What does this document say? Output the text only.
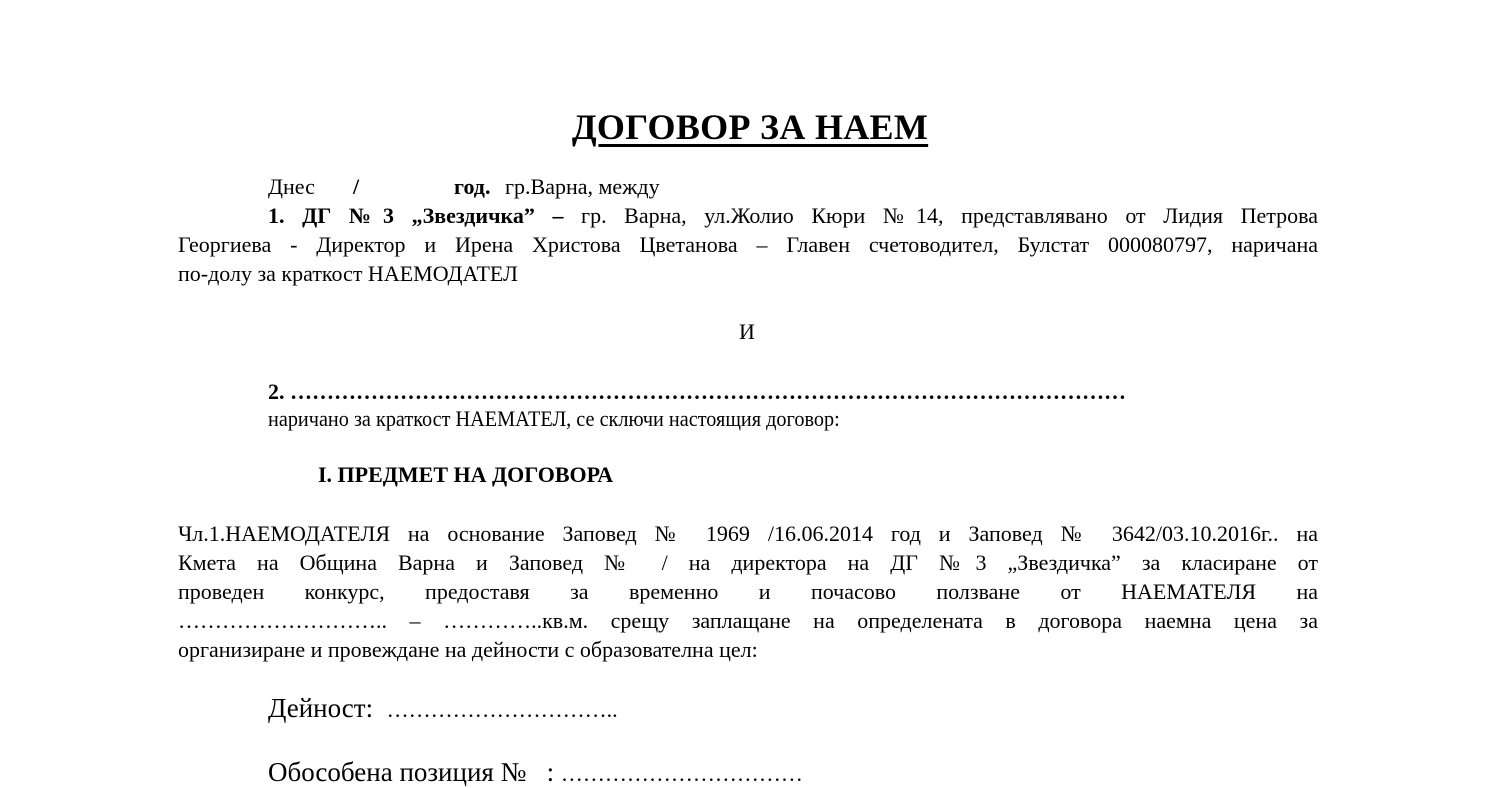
ДОГОВОР ЗА НАЕМ
Днес /	год. гр.Варна, между
1. ДГ №3 „Звездичка” – гр. Варна, ул.Жолио Кюри №14, представлявано от Лидия Петрова
Георгиева - Директор и Ирена Христова Цветанова – Главен счетоводител, Булстат 000080797, наричана
по-долу за краткост НАЕМОДАТЕЛ
И
2. ……………………………………………………………………………………………………
наричано за краткост НАЕМАТЕЛ, се сключи настоящия договор:
I. ПРЕДМЕТ НА ДОГОВОРА
Чл.1.НАЕМОДАТЕЛЯ на основание Заповед № 1969 /16.06.2014 год и Заповед № 3642/03.10.2016г.. на
Кмета на Община Варна и Заповед № / на директора на ДГ №3 „Звездичка” за класиране от
проведен конкурс, предоставя за временно и почасово ползване от НАЕМАТЕЛЯ на
……………………….. – …………..кв.м. срещу заплащане на определената в договора наемна цена за
организиране и провеждане на дейности с образователна цел:
Дейност: …………………………..
Обособена позиция № : ……………………………
